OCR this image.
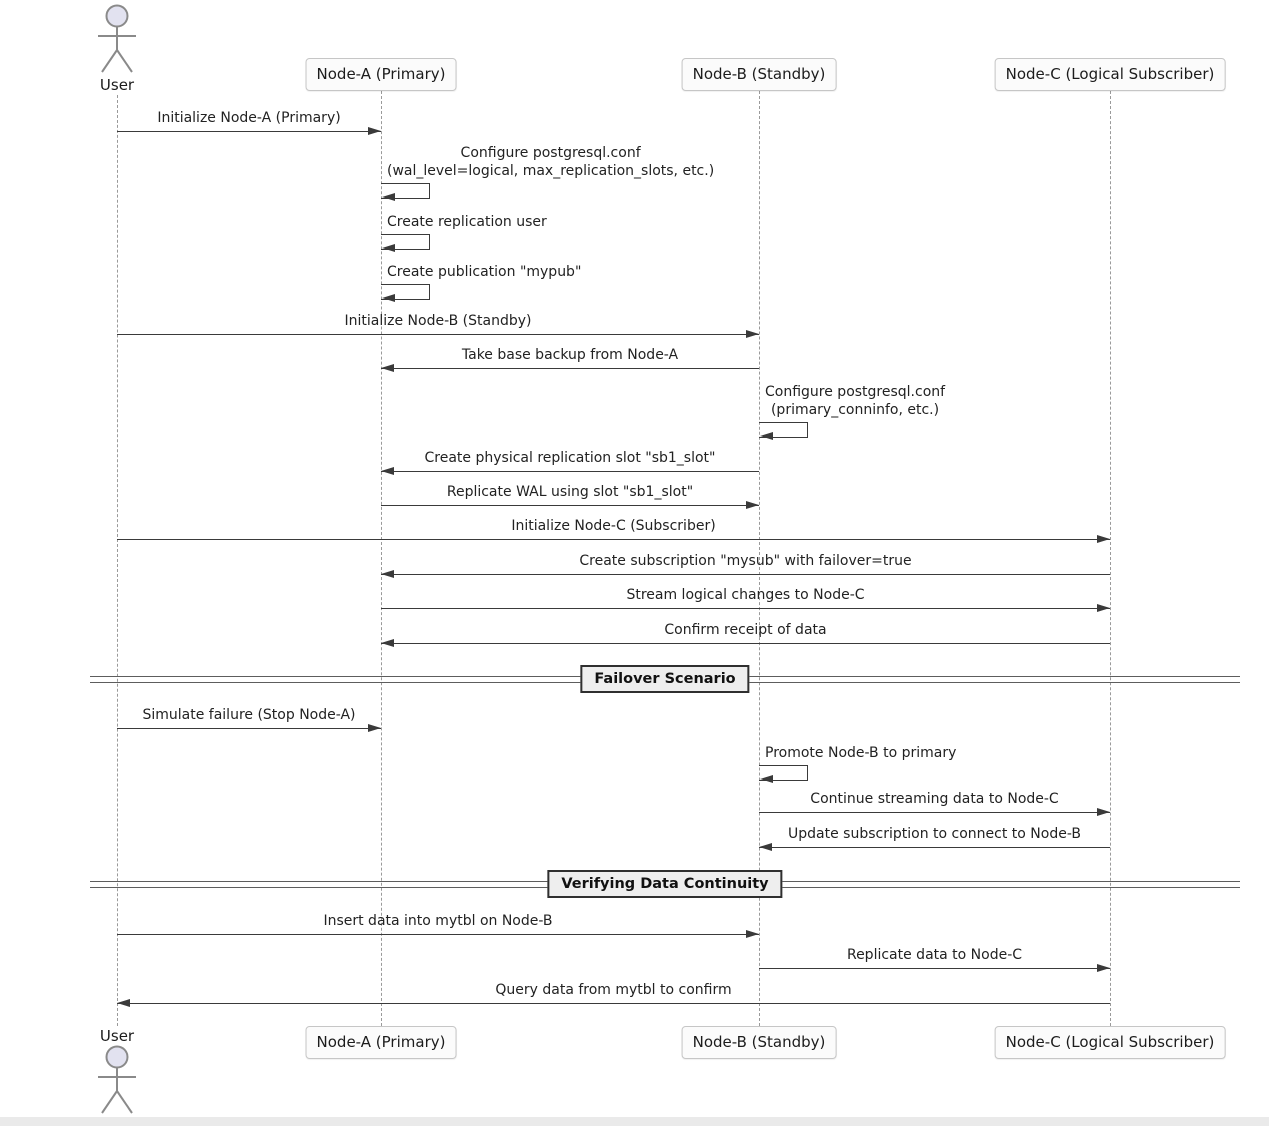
User
User
Node-A (Primary)
Node-A (Primary)
Node-B (Standby)
Node-B (Standby)
Node-C (Logical Subscriber)
Node-C (Logical Subscriber)
Initialize Node-A (Primary)
Configure postgresql.conf
(wal_level=logical, max_replication_slots, etc.)
Create replication user
Create publication "mypub"
Initialize Node-B (Standby)
Take base backup from Node-A
Configure postgresql.conf
(primary_conninfo, etc.)
Create physical replication slot "sb1_slot"
Replicate WAL using slot "sb1_slot"
Initialize Node-C (Subscriber)
Create subscription "mysub" with failover=true
Stream logical changes to Node-C
Confirm receipt of data
Failover Scenario
Simulate failure (Stop Node-A)
Promote Node-B to primary
Continue streaming data to Node-C
Update subscription to connect to Node-B
Verifying Data Continuity
Insert data into mytbl on Node-B
Replicate data to Node-C
Query data from mytbl to confirm
